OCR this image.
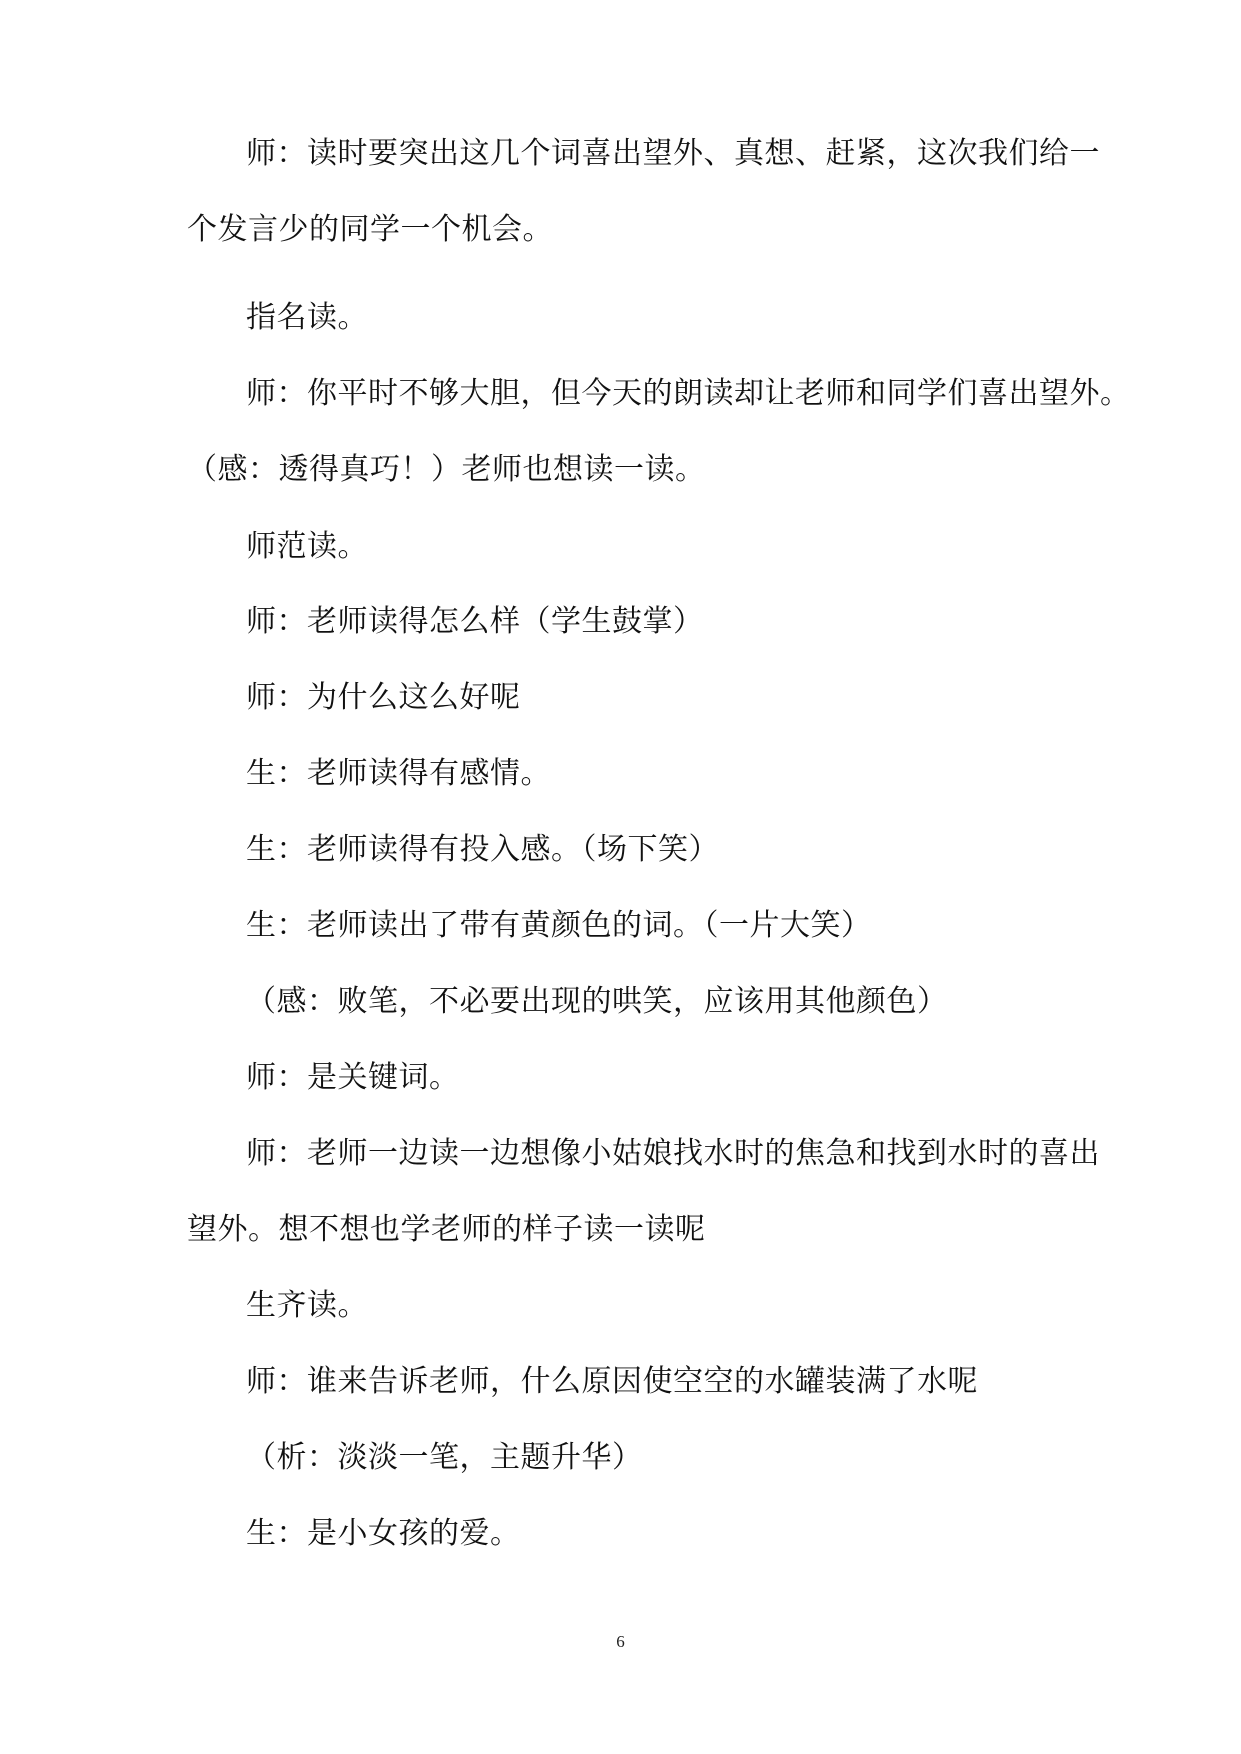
师：读时要突出这几个词喜出望外、真想、赶紧，这次我们给一
个发言少的同学一个机会。
指名读。
师：你平时不够大胆，但今天的朗读却让老师和同学们喜出望外。
（感：透得真巧！）老师也想读一读。
师范读。
师：老师读得怎么样（学生鼓掌）
师：为什么这么好呢
生：老师读得有感情。
生：老师读得有投入感。（场下笑）
生：老师读出了带有黄颜色的词。（一片大笑）
（感：败笔，不必要出现的哄笑，应该用其他颜色）
师：是关键词。
师：老师一边读一边想像小姑娘找水时的焦急和找到水时的喜出
望外。想不想也学老师的样子读一读呢
生齐读。
师：谁来告诉老师，什么原因使空空的水罐装满了水呢
（析：淡淡一笔，主题升华）
生：是小女孩的爱。
6
